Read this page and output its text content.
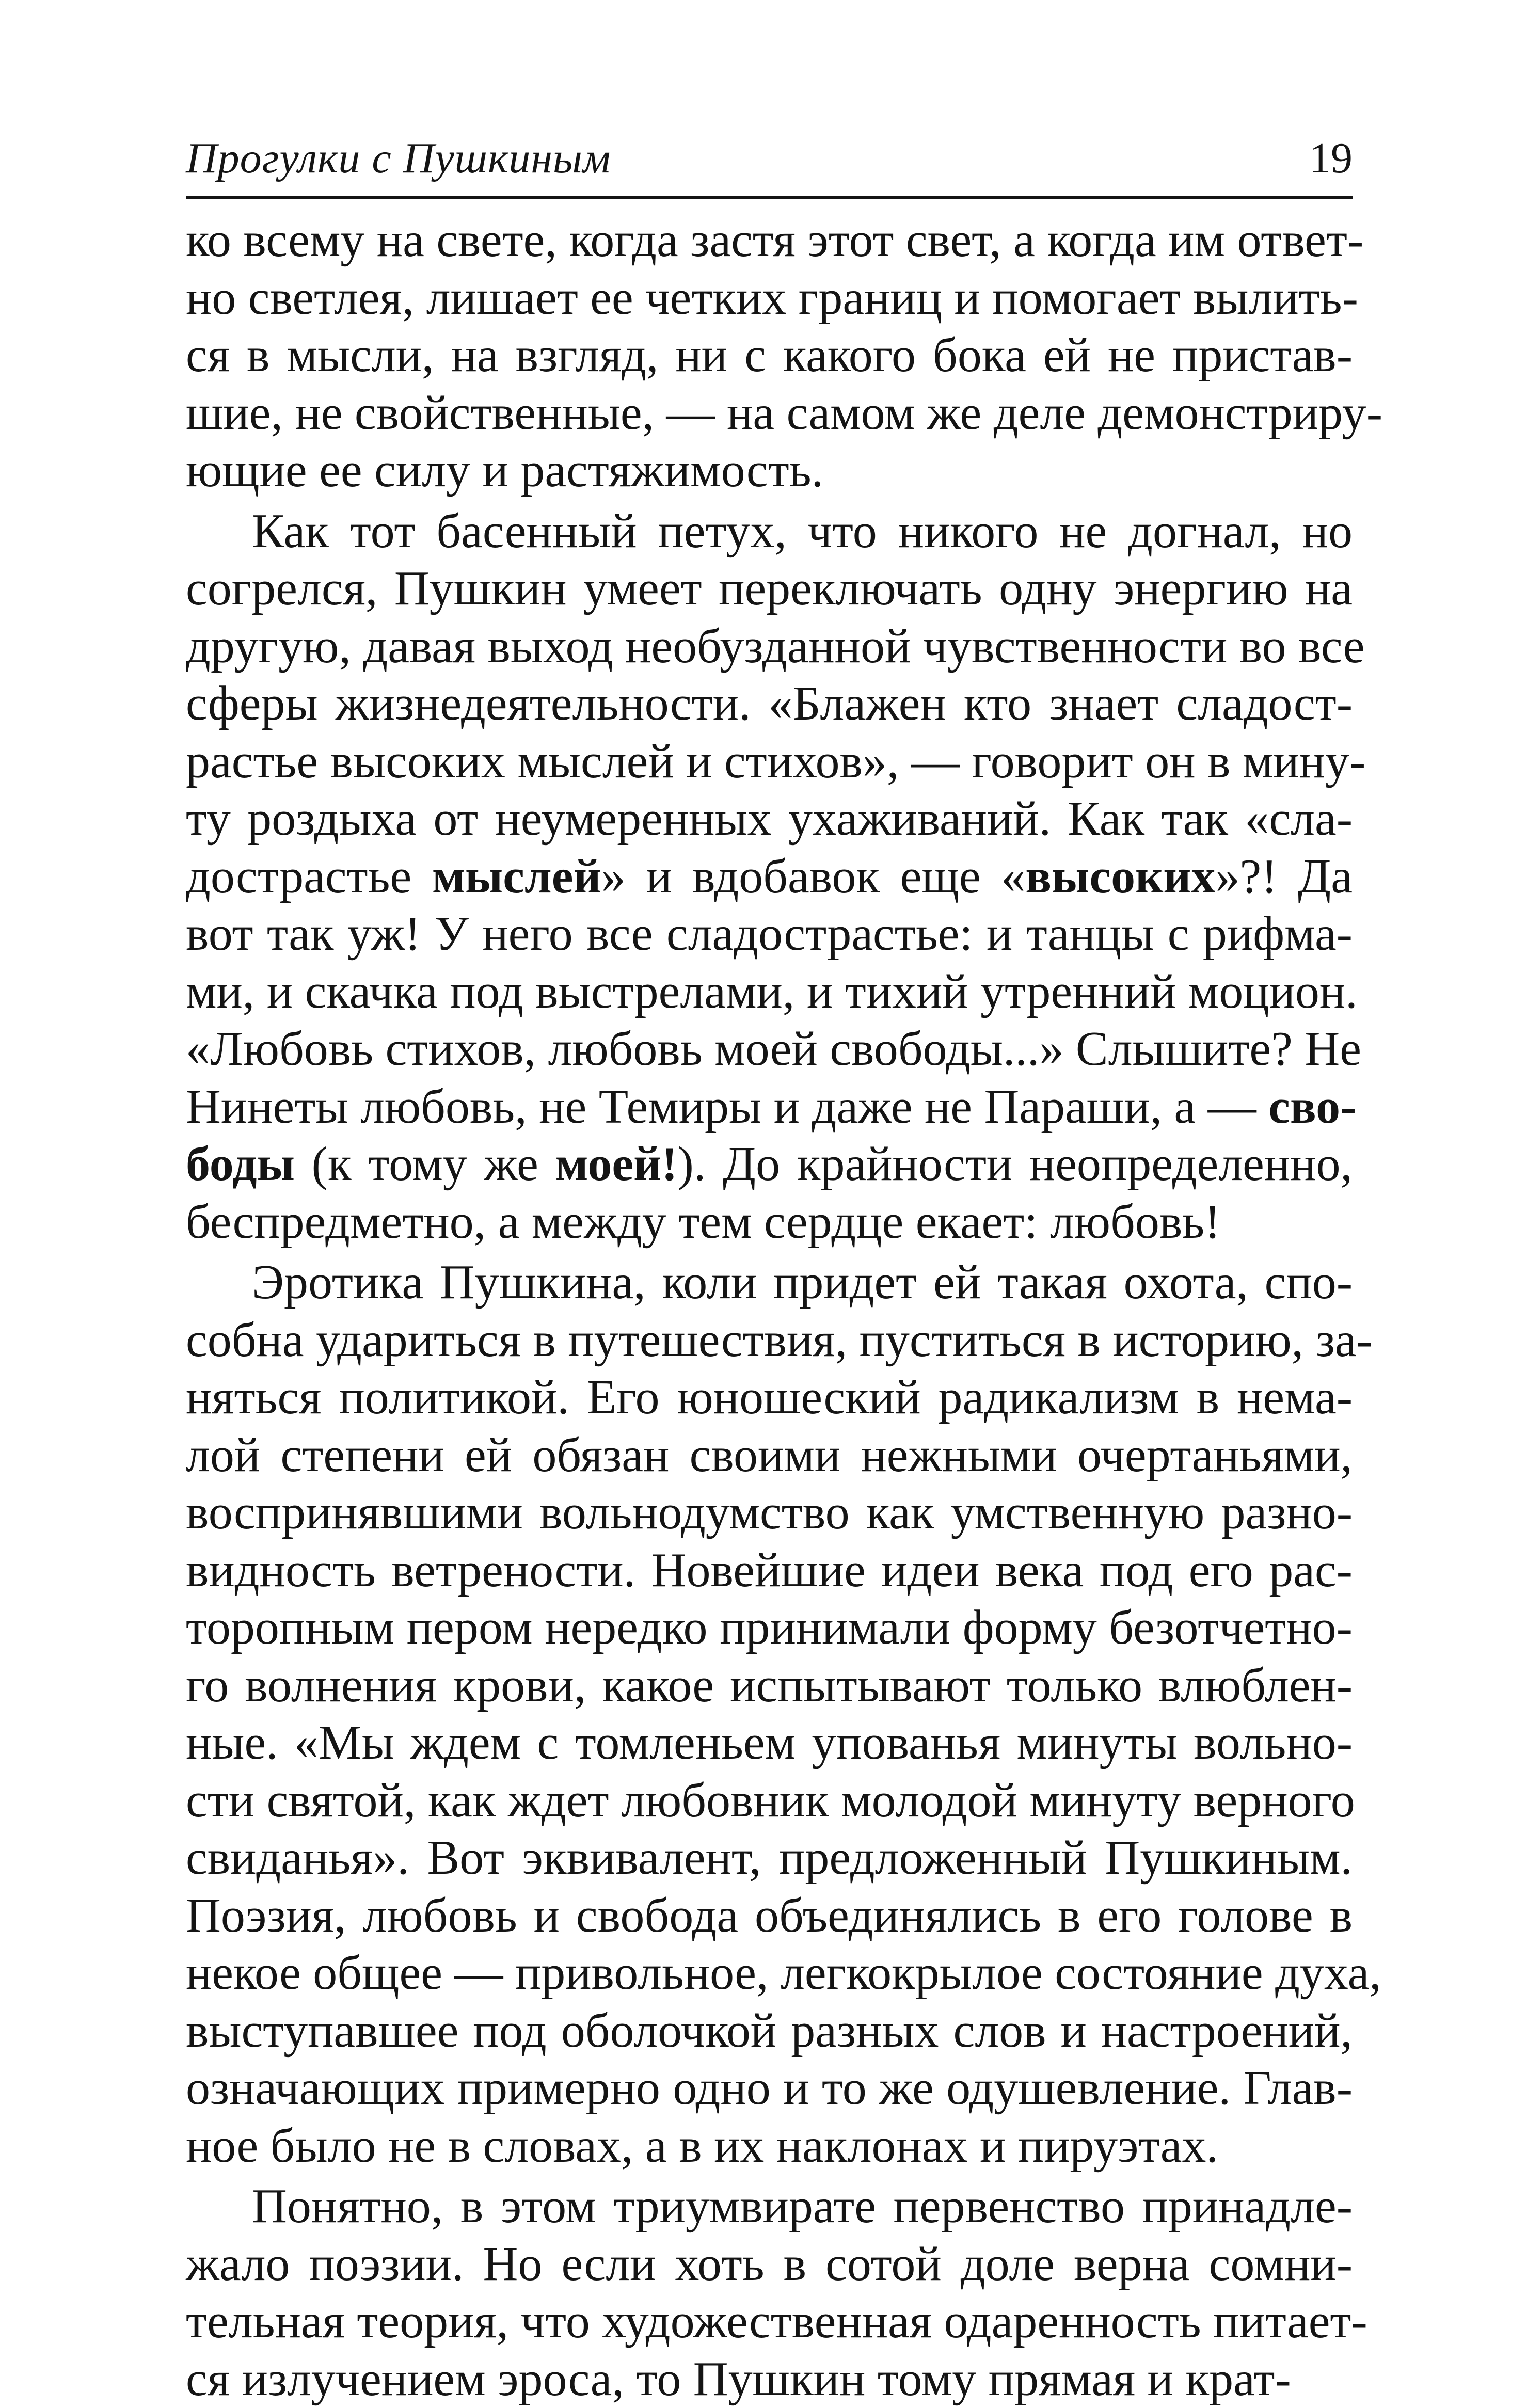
Прогулки с Пушкиным	19

ко всему на свете, когда застя этот свет, а когда им ответ-
но светлея, лишает ее четких границ и помогает вылить-
ся в мысли, на взгляд, ни с какого бока ей не пристав-
шие, не свойственные, — на самом же деле демонстриру-
ющие ее силу и растяжимость.

Как тот басенный петух, что никого не догнал, но
согрелся, Пушкин умеет переключать одну энергию на
другую, давая выход необузданной чувственности во все
сферы жизнедеятельности. «Блажен кто знает сладост-
растье высоких мыслей и стихов», — говорит он в мину-
ту роздыха от неумеренных ухаживаний. Как так «сла-
дострастье мыслей» и вдобавок еще «высоких»?! Да
вот так уж! У него все сладострастье: и танцы с рифма-
ми, и скачка под выстрелами, и тихий утренний моцион.
«Любовь стихов, любовь моей свободы...» Слышите? Не
Нинеты любовь, не Темиры и даже не Параши, а — сво-
боды (к тому же моей!). До крайности неопределенно,
беспредметно, а между тем сердце екает: любовь!

Эротика Пушкина, коли придет ей такая охота, спо-
собна удариться в путешествия, пуститься в историю, за-
няться политикой. Его юношеский радикализм в нема-
лой степени ей обязан своими нежными очертаньями,
воспринявшими вольнодумство как умственную разно-
видность ветрености. Новейшие идеи века под его рас-
торопным пером нередко принимали форму безотчетно-
го волнения крови, какое испытывают только влюблен-
ные. «Мы ждем с томленьем упованья минуты вольно-
сти святой, как ждет любовник молодой минуту верного
свиданья». Вот эквивалент, предложенный Пушкиным.
Поэзия, любовь и свобода объединялись в его голове в
некое общее — привольное, легкокрылое состояние духа,
выступавшее под оболочкой разных слов и настроений,
означающих примерно одно и то же одушевление. Глав-
ное было не в словах, а в их наклонах и пируэтах.

Понятно, в этом триумвирате первенство принадле-
жало поэзии. Но если хоть в сотой доле верна сомни-
тельная теория, что художественная одаренность питает-
ся излучением эроса, то Пушкин тому прямая и крат-
